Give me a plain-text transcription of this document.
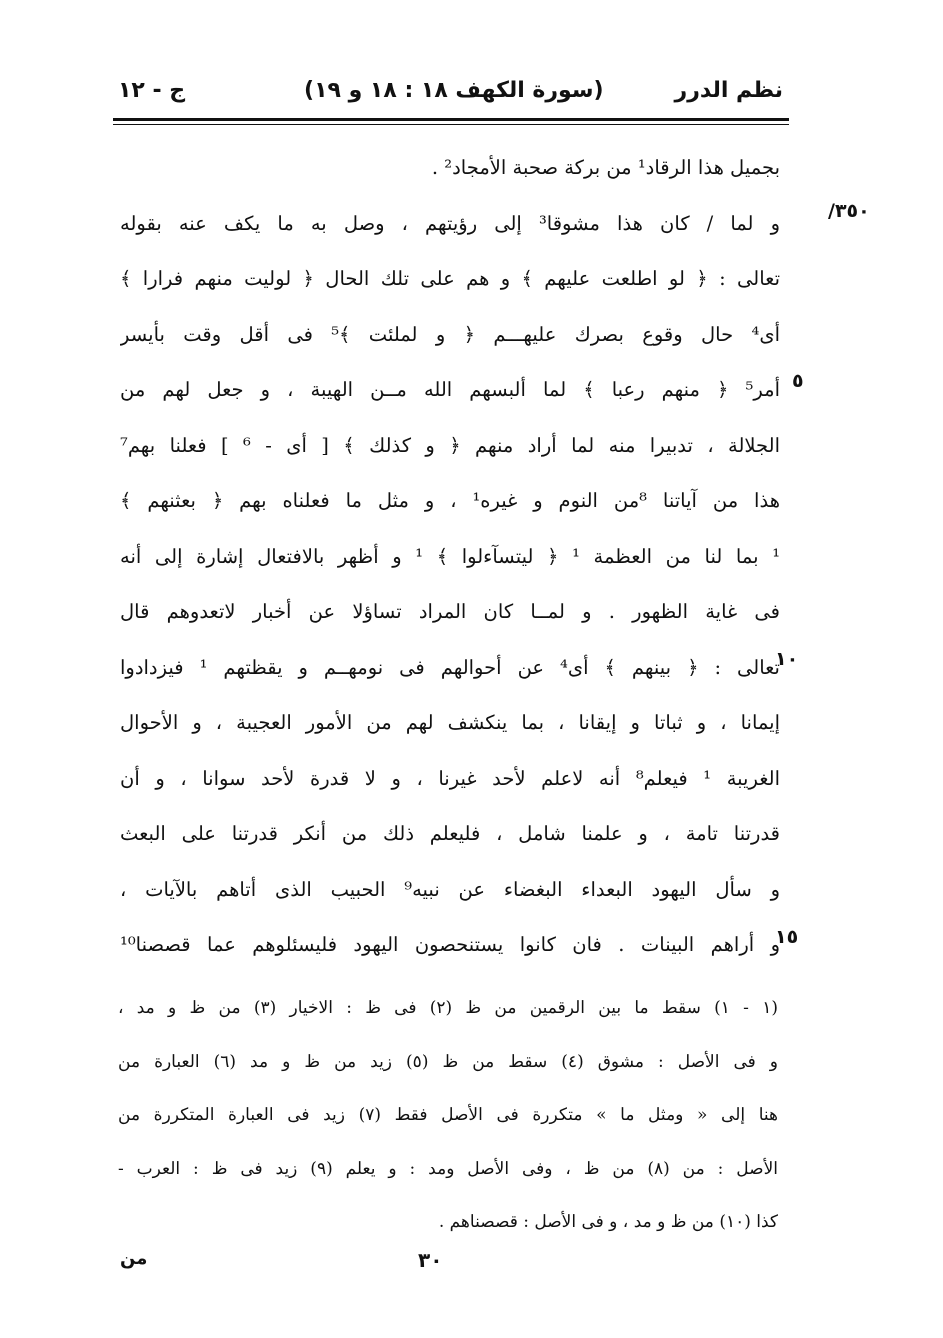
نظم الدرر
(سورة الكهف ١٨ : ١٨ و ١٩)
ج - ١٢
/٣٥٠
٥
١٠
١٥
بجميل هذا الرقاد¹ من بركة صحبة الأمجاد² .
و لما / كان هذا مشوقا³ إلى رؤيتهم ، وصل به ما يكف عنه بقوله
تعالى : ﴿ لو اطلعت عليهم ﴾ و هم على تلك الحال ﴿ لوليت منهم فرارا ﴾
أى⁴ حال وقوع بصرك عليهـــم ﴿ و لملئت ﴾⁵ فى أقل وقت بأيسر
أمر⁵ ﴿ منهم رعبا ﴾ لما ألبسهم الله مــن الهيبة ، و جعل لهم من
الجلالة ، تدبيرا منه لما أراد منهم ﴿ و كذلك ﴾ [ أى - ⁶ ] فعلنا بهم⁷
هذا من آياتنا ⁸من النوم و غيره¹ ، و مثل ما فعلناه بهم ﴿ بعثنهم ﴾
¹ بما لنا من العظمة ¹ ﴿ ليتسآءلوا ﴾ ¹ و أظهر بالافتعال إشارة إلى أنه
فى غاية الظهور . و لمــا كان المراد تساؤلا عن أخبار لاتعدوهم قال
تعالى : ﴿ بينهم ﴾ أى⁴ عن أحوالهم فى نومهــم و يقظتهم ¹ فيزدادوا
إيمانا ، و ثباتا و إيقانا ، بما ينكشف لهم من الأمور العجيبة ، و الأحوال
الغريبة ¹ فيعلم⁸ أنه لاعلم لأحد غيرنا ، و لا قدرة لأحد سوانا ، و أن
قدرتنا تامة ، و علمنا شامل ، فليعلم ذلك من أنكر قدرتنا على البعث
و سأل اليهود البعداء البغضاء عن نبيه⁹ الحبيب الذى أتاهم بالآيات ،
و أراهم البينات . فان كانوا يستنحصون اليهود فليسئلوهم عما قصصنا¹⁰
(١ - ١) سقط ما بين الرقمين من ظ (٢) فى ظ : الاخيار (٣) من ظ و مد ،
و فى الأصل : مشوق (٤) سقط من ظ (٥) زيد من ظ و مد (٦) العبارة من
هنا إلى « ومثل ما » متكررة فى الأصل فقط (٧) زيد فى العبارة المتكررة من
الأصل : من (٨) من ظ ، وفى الأصل ومد : و يعلم (٩) زيد فى ظ : العرب -
كذا (١٠) من ظ و مد ، و فى الأصل : قصصناهم .
٣٠
من
